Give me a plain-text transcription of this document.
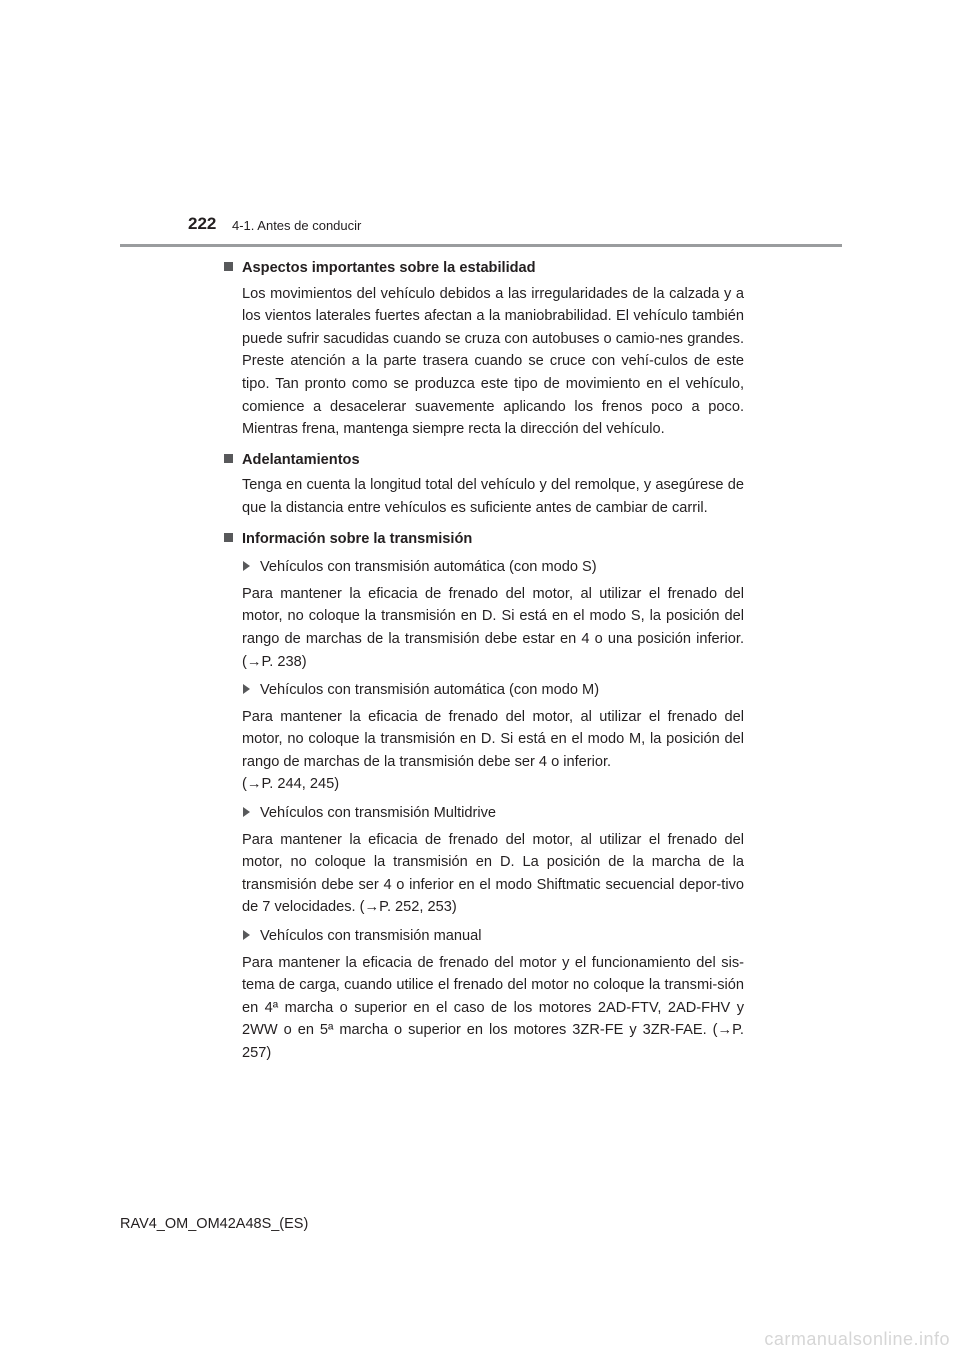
222 4-1. Antes de conducir
Aspectos importantes sobre la estabilidad

Los movimientos del vehículo debidos a las irregularidades de la calzada y a los vientos laterales fuertes afectan a la maniobrabilidad. El vehículo también puede sufrir sacudidas cuando se cruza con autobuses o camio-nes grandes. Preste atención a la parte trasera cuando se cruce con vehí-culos de este tipo. Tan pronto como se produzca este tipo de movimiento en el vehículo, comience a desacelerar suavemente aplicando los frenos poco a poco. Mientras frena, mantenga siempre recta la dirección del vehículo.

Adelantamientos

Tenga en cuenta la longitud total del vehículo y del remolque, y asegúrese de que la distancia entre vehículos es suficiente antes de cambiar de carril.

Información sobre la transmisión
Vehículos con transmisión automática (con modo S)

Para mantener la eficacia de frenado del motor, al utilizar el frenado del motor, no coloque la transmisión en D. Si está en el modo S, la posición del rango de marchas de la transmisión debe estar en 4 o una posición inferior. (→P. 238)

Vehículos con transmisión automática (con modo M)

Para mantener la eficacia de frenado del motor, al utilizar el frenado del motor, no coloque la transmisión en D. Si está en el modo M, la posición del rango de marchas de la transmisión debe ser 4 o inferior.

(→P. 244, 245)

Vehículos con transmisión Multidrive

Para mantener la eficacia de frenado del motor, al utilizar el frenado del motor, no coloque la transmisión en D. La posición de la marcha de la transmisión debe ser 4 o inferior en el modo Shiftmatic secuencial depor-tivo de 7 velocidades. (→P. 252, 253)

Vehículos con transmisión manual

Para mantener la eficacia de frenado del motor y el funcionamiento del sis-tema de carga, cuando utilice el frenado del motor no coloque la transmi-sión en 4ª marcha o superior en el caso de los motores 2AD-FTV, 2AD-FHV y 2WW o en 5ª marcha o superior en los motores 3ZR-FE y 3ZR-FAE. (→P. 257)

RAV4_OM_OM42A48S_(ES)
carmanualsonline.info
